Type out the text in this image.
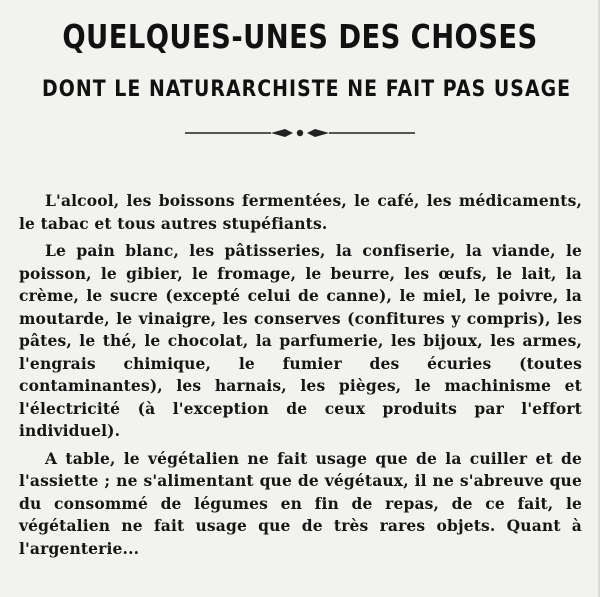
QUELQUES-UNES DES CHOSES
DONT LE NATURARCHISTE NE FAIT PAS USAGE

L'alcool, les boissons fermentées, le café, les médicaments, le tabac et tous autres stupéfiants.

Le pain blanc, les pâtisseries, la confiserie, la viande, le poisson, le gibier, le fromage, le beurre, les œufs, le lait, la crème, le sucre (excepté celui de canne), le miel, le poivre, la moutarde, le vinaigre, les conserves (confitures y compris), les pâtes, le thé, le chocolat, la parfumerie, les bijoux, les armes, l'engrais chimique, le fumier des écuries (toutes contaminantes), les harnais, les pièges, le machinisme et l'électricité (à l'exception de ceux produits par l'effort individuel).

A table, le végétalien ne fait usage que de la cuiller et de l'assiette ; ne s'alimentant que de végétaux, il ne s'abreuve que du consommé de légumes en fin de repas, de ce fait, le végétalien ne fait usage que de très rares objets. Quant à l'argenterie...
